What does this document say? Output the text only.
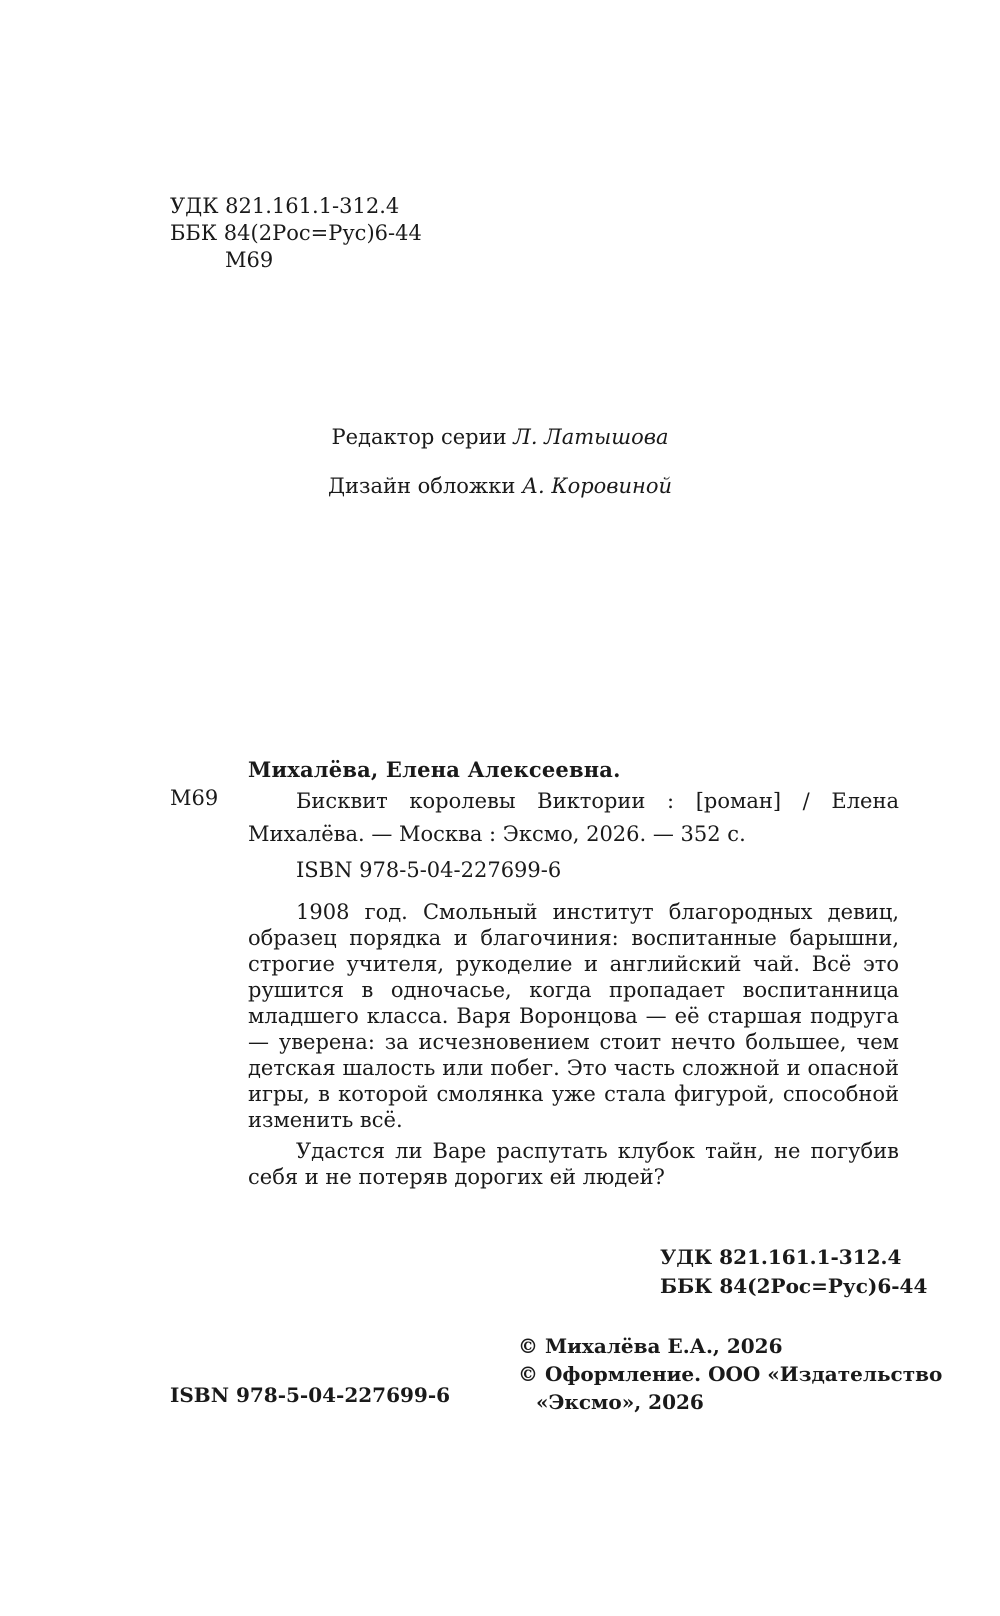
УДК 821.161.1-312.4
ББК 84(2Рос=Рус)6-44
М69
Редактор серии Л. Латышова
Дизайн обложки А. Коровиной
Михалёва, Елена Алексеевна.
М69	Бисквит королевы Виктории : [роман] / Елена Михалёва. — Москва : Эксмо, 2026. — 352 с.
ISBN 978-5-04-227699-6
1908 год. Смольный институт благородных девиц, образец порядка и благочиния: воспитанные барышни, строгие учителя, рукоделие и английский чай. Всё это рушится в одночасье, когда пропадает воспитанница младшего класса. Варя Воронцова — её старшая подруга — уверена: за исчезновением стоит нечто большее, чем детская шалость или побег. Это часть сложной и опасной игры, в которой смолянка уже стала фигурой, способной изменить всё.
Удастся ли Варе распутать клубок тайн, не погубив себя и не потеряв дорогих ей людей?
УДК 821.161.1-312.4
ББК 84(2Рос=Рус)6-44
ISBN 978-5-04-227699-6
© Михалёва Е.А., 2026
© Оформление. ООО «Издательство
«Эксмо», 2026
